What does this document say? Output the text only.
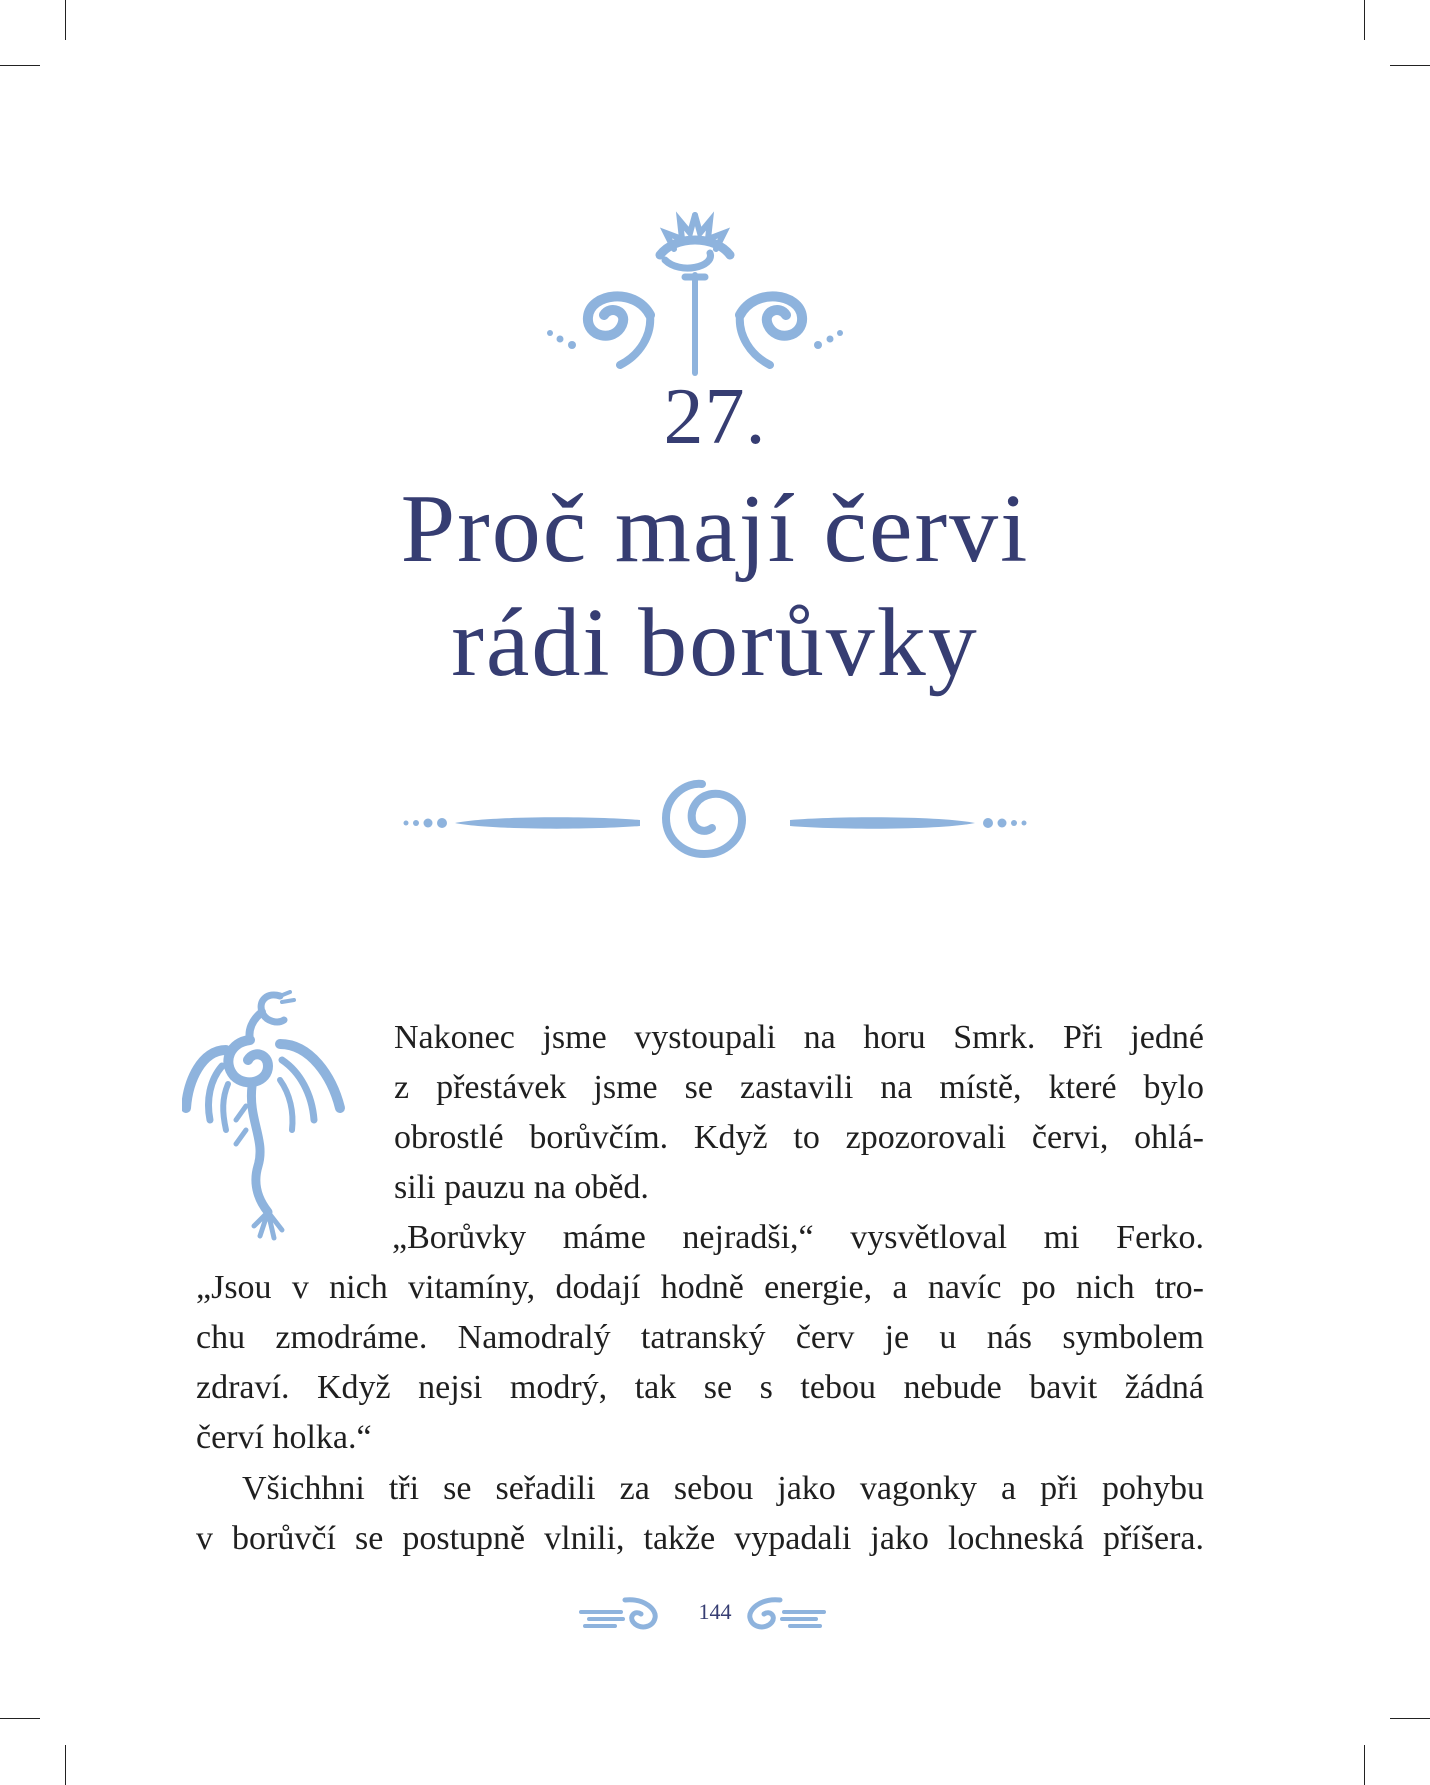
27.
Proč mají červi
rádi borůvky

Nakonec jsme vystoupali na horu Smrk. Při jedné
z přestávek jsme se zastavili na místě, které bylo
obrostlé borůvčím. Když to zpozorovali červi, ohlá-
sili pauzu na oběd.

„Borůvky máme nejradši,“ vysvětloval mi Ferko.
„Jsou v nich vitamíny, dodají hodně energie, a navíc po nich tro-
chu zmodráme. Namodralý tatranský červ je u nás symbolem
zdraví. Když nejsi modrý, tak se s tebou nebude bavit žádná
červí holka.“

Všichhni tři se seřadili za sebou jako vagonky a při pohybu
v borůvčí se postupně vlnili, takže vypadali jako lochneská příšera.

144
